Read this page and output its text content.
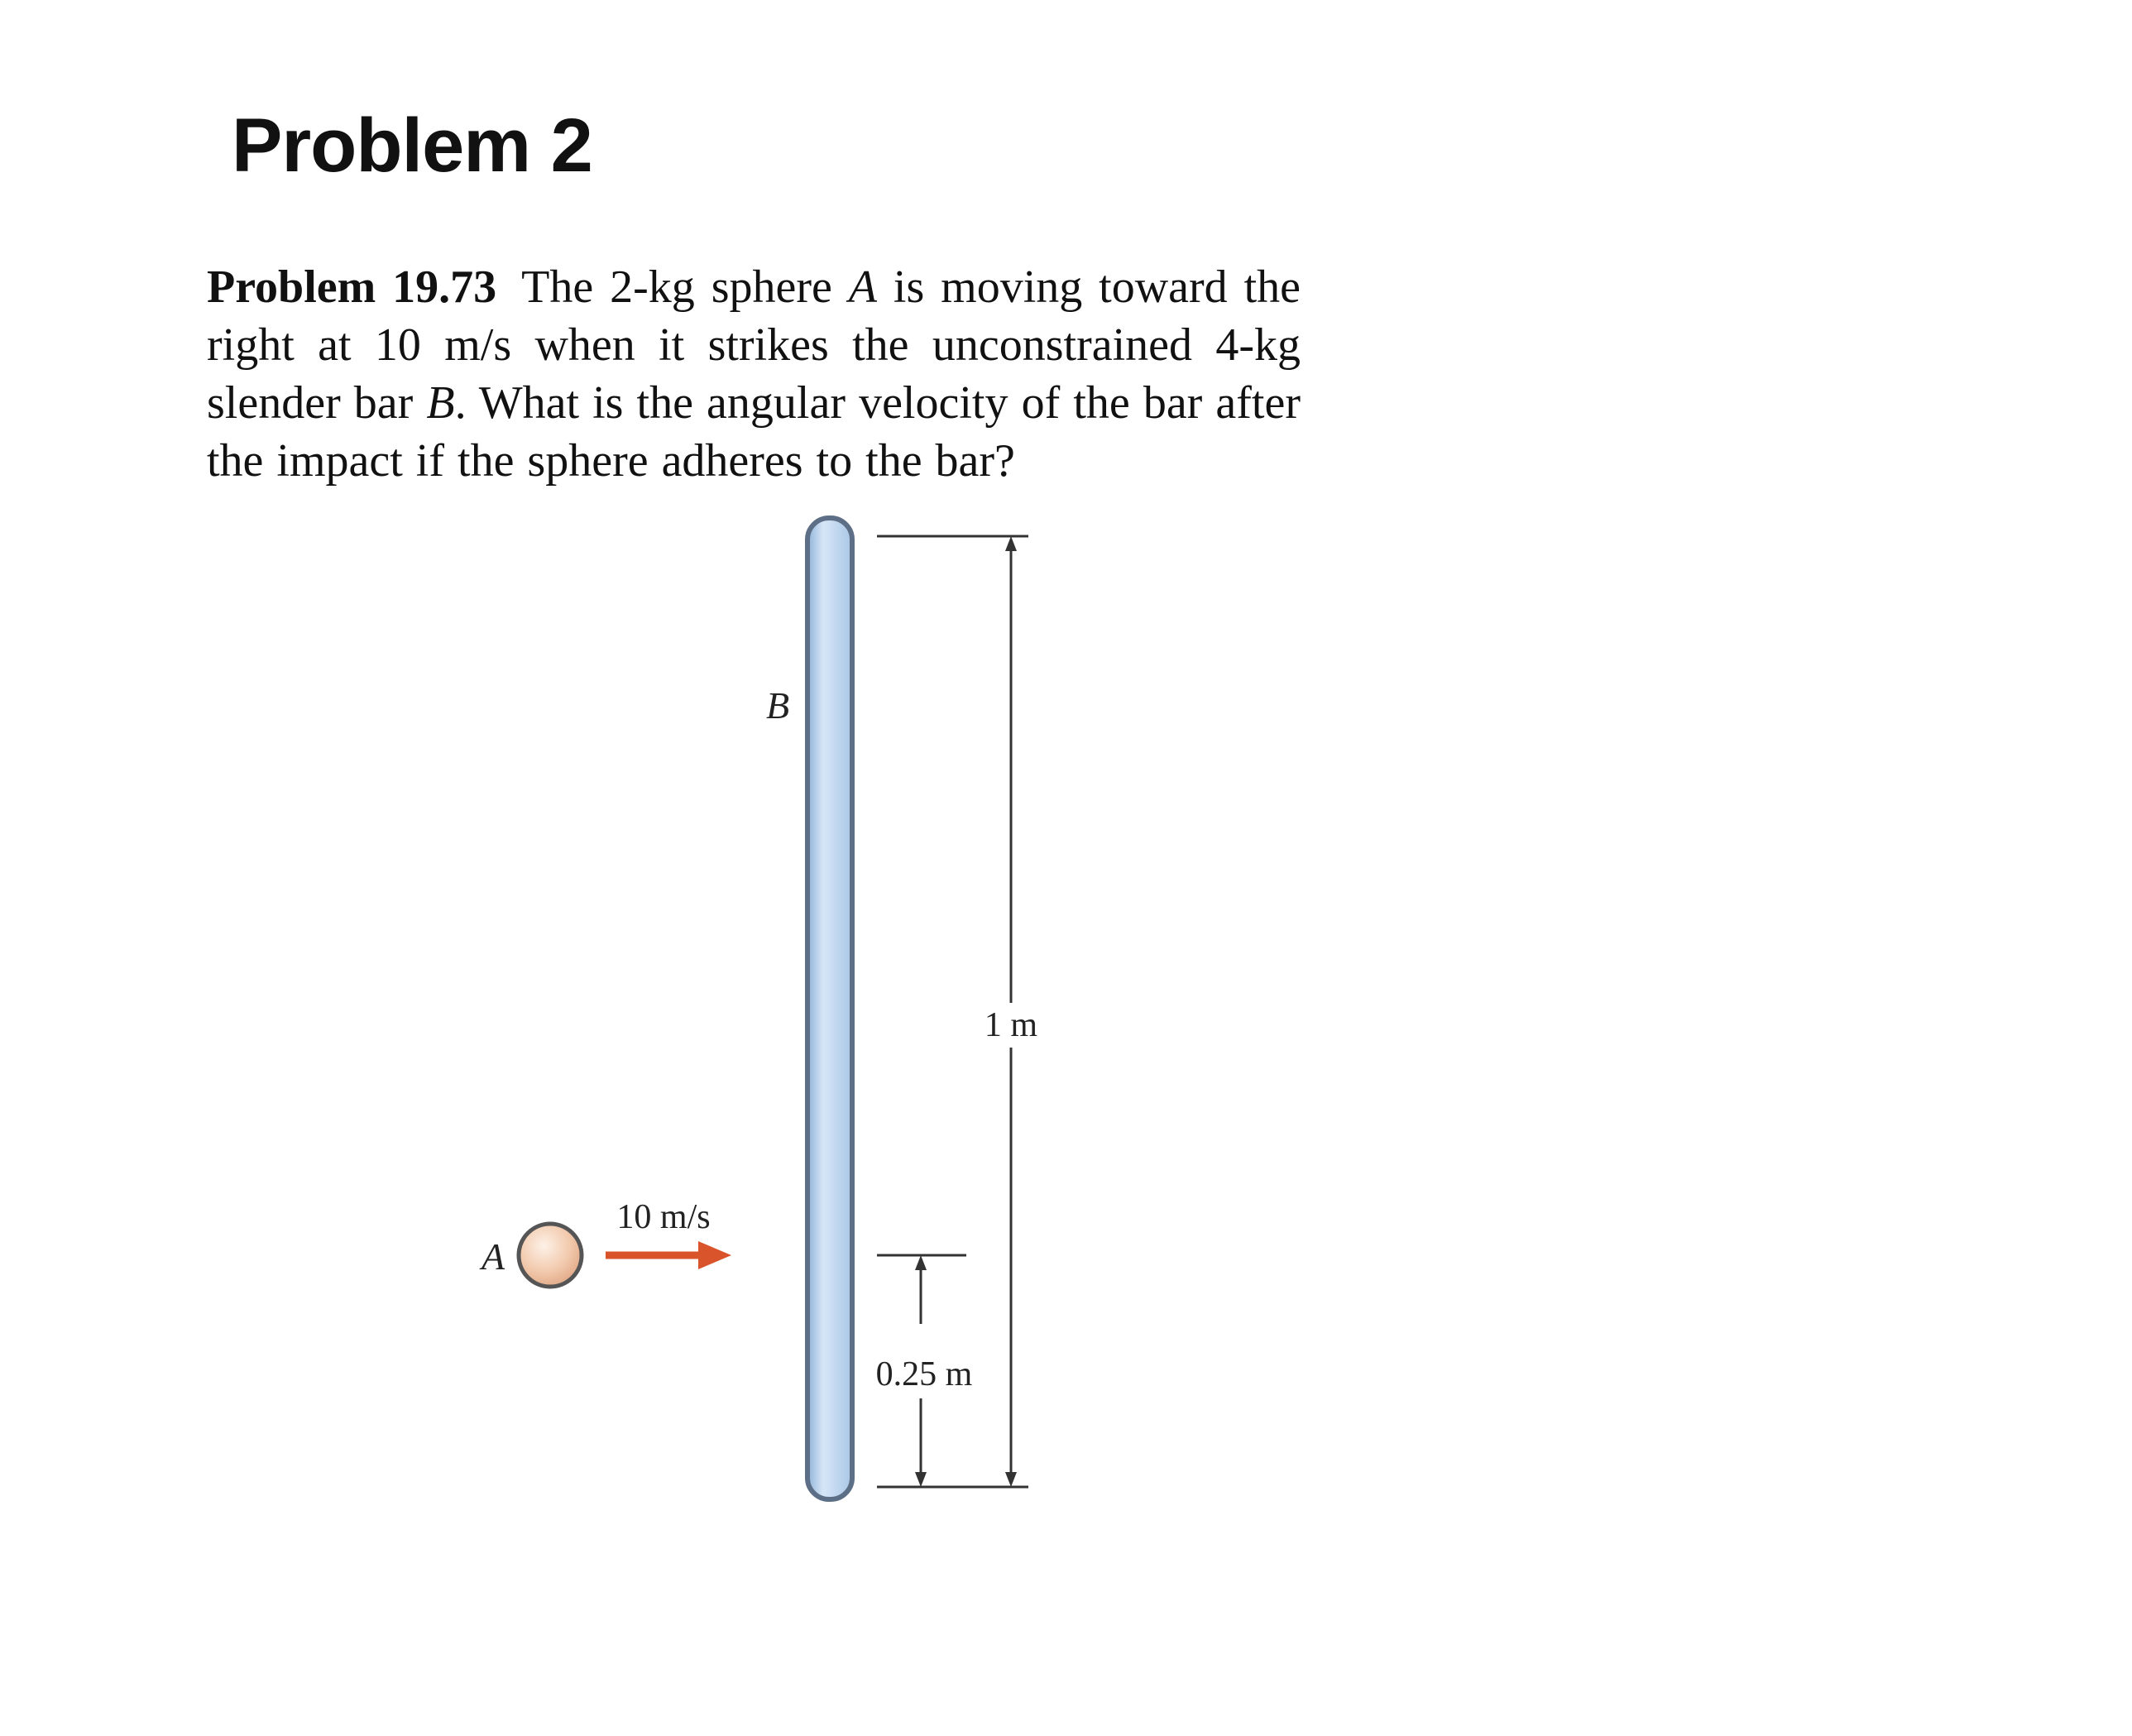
Problem 2

Problem 19.73 The 2-kg sphere A is moving toward the right at 10 m/s when it strikes the unconstrained 4-kg slender bar B. What is the angular velocity of the bar after the impact if the sphere adheres to the bar?

B
A
10 m/s
1 m
0.25 m
